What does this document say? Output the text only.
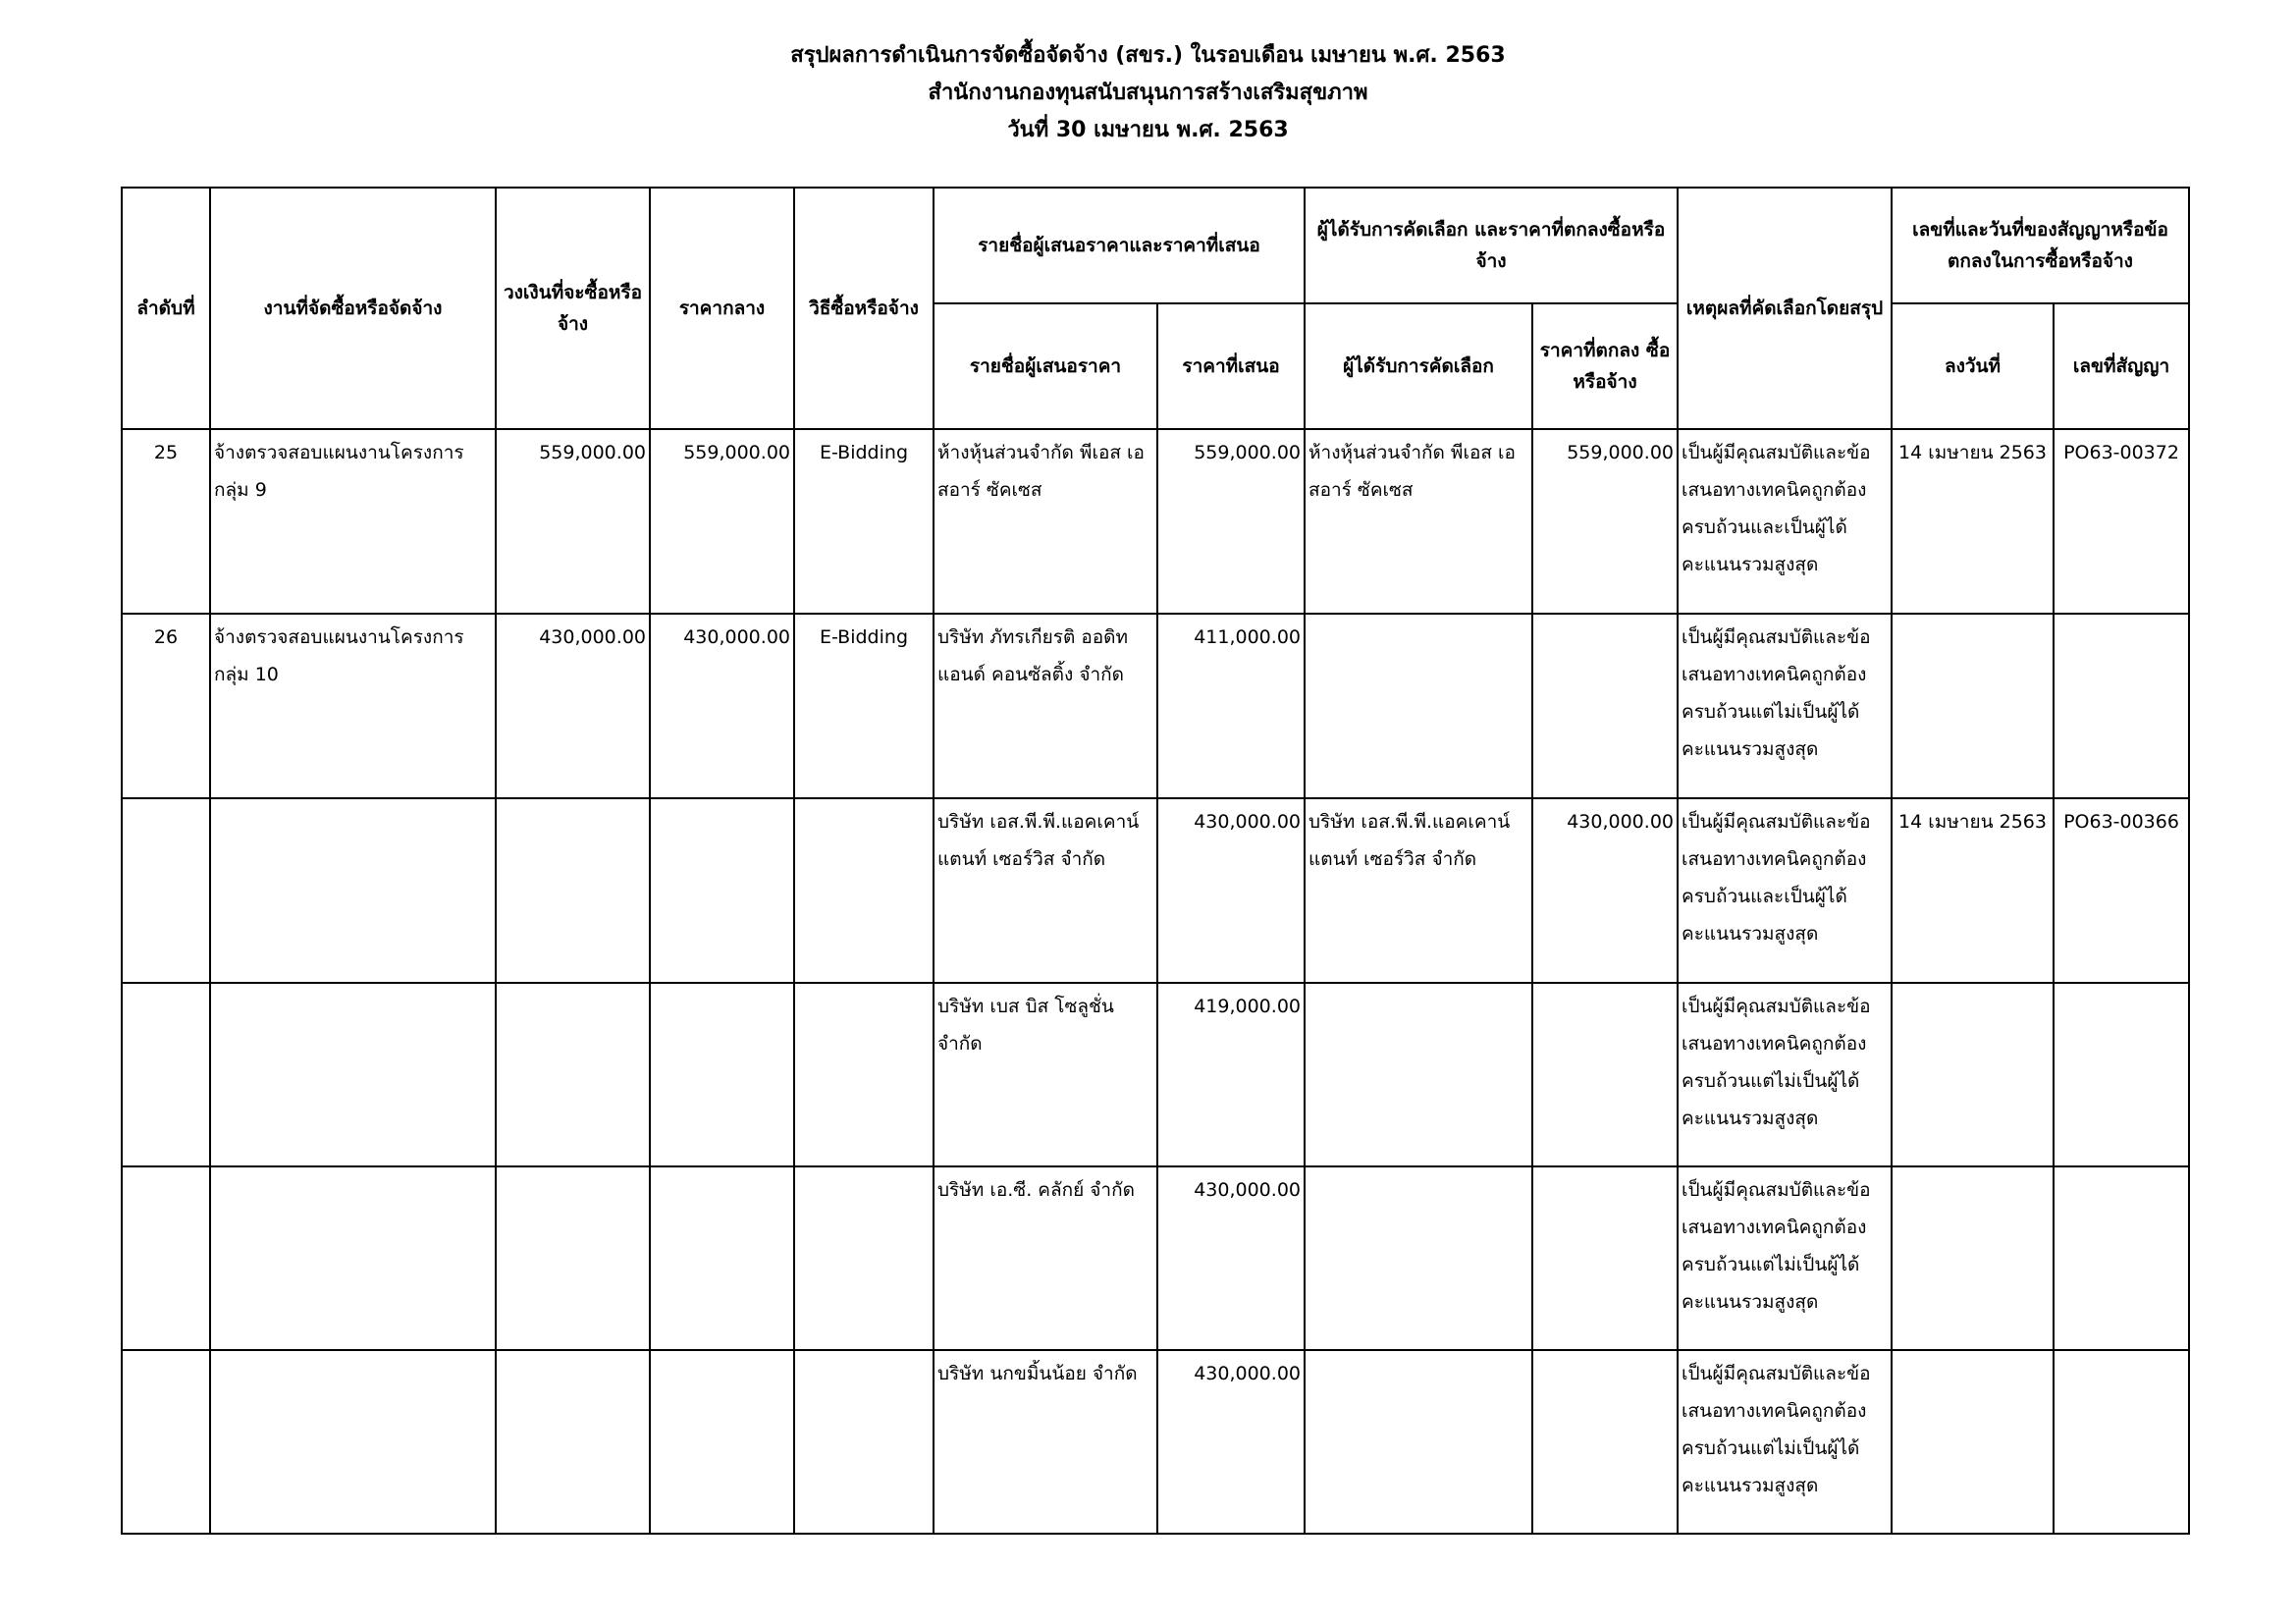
สรุปผลการดำเนินการจัดซื้อจัดจ้าง (สขร.) ในรอบเดือน เมษายน พ.ศ. 2563
สำนักงานกองทุนสนับสนุนการสร้างเสริมสุขภาพ
วันที่ 30 เมษายน พ.ศ. 2563
ลำดับที่	งานที่จัดซื้อหรือจัดจ้าง	วงเงินที่จะซื้อหรือจ้าง	ราคากลาง	วิธีซื้อหรือจ้าง	รายชื่อผู้เสนอราคาและราคาที่เสนอ		ผู้ได้รับการคัดเลือก และราคาที่ตกลงซื้อหรือจ้าง		เหตุผลที่คัดเลือกโดยสรุป	เลขที่และวันที่ของสัญญาหรือข้อตกลงในการซื้อหรือจ้าง	
					รายชื่อผู้เสนอราคา	ราคาที่เสนอ	ผู้ได้รับการคัดเลือก	ราคาที่ตกลง ซื้อหรือจ้าง		ลงวันที่	เลขที่สัญญา
25	จ้างตรวจสอบแผนงานโครงการ กลุ่ม 9	559,000.00	559,000.00	E-Bidding	ห้างหุ้นส่วนจำกัด พีเอส เอสอาร์ ซัคเซส	559,000.00	ห้างหุ้นส่วนจำกัด พีเอส เอสอาร์ ซัคเซส	559,000.00	เป็นผู้มีคุณสมบัติและข้อเสนอทางเทคนิคถูกต้องครบถ้วนและเป็นผู้ได้คะแนนรวมสูงสุด	14 เมษายน 2563	PO63-00372
26	จ้างตรวจสอบแผนงานโครงการ กลุ่ม 10	430,000.00	430,000.00	E-Bidding	บริษัท ภัทรเกียรติ ออดิท แอนด์ คอนซัลติ้ง จำกัด	411,000.00			เป็นผู้มีคุณสมบัติและข้อเสนอทางเทคนิคถูกต้องครบถ้วนแต่ไม่เป็นผู้ได้คะแนนรวมสูงสุด		
					บริษัท เอส.พี.พี.แอคเคาน์แตนท์ เซอร์วิส จำกัด	430,000.00	บริษัท เอส.พี.พี.แอคเคาน์แตนท์ เซอร์วิส จำกัด	430,000.00	เป็นผู้มีคุณสมบัติและข้อเสนอทางเทคนิคถูกต้องครบถ้วนและเป็นผู้ได้คะแนนรวมสูงสุด	14 เมษายน 2563	PO63-00366
					บริษัท เบส บิส โซลูชั่น จำกัด	419,000.00			เป็นผู้มีคุณสมบัติและข้อเสนอทางเทคนิคถูกต้องครบถ้วนแต่ไม่เป็นผู้ได้คะแนนรวมสูงสุด		
					บริษัท เอ.ซี. คลักย์ จำกัด	430,000.00			เป็นผู้มีคุณสมบัติและข้อเสนอทางเทคนิคถูกต้องครบถ้วนแต่ไม่เป็นผู้ได้คะแนนรวมสูงสุด		
					บริษัท นกขมิ้นน้อย จำกัด	430,000.00			เป็นผู้มีคุณสมบัติและข้อเสนอทางเทคนิคถูกต้องครบถ้วนแต่ไม่เป็นผู้ได้คะแนนรวมสูงสุด		
